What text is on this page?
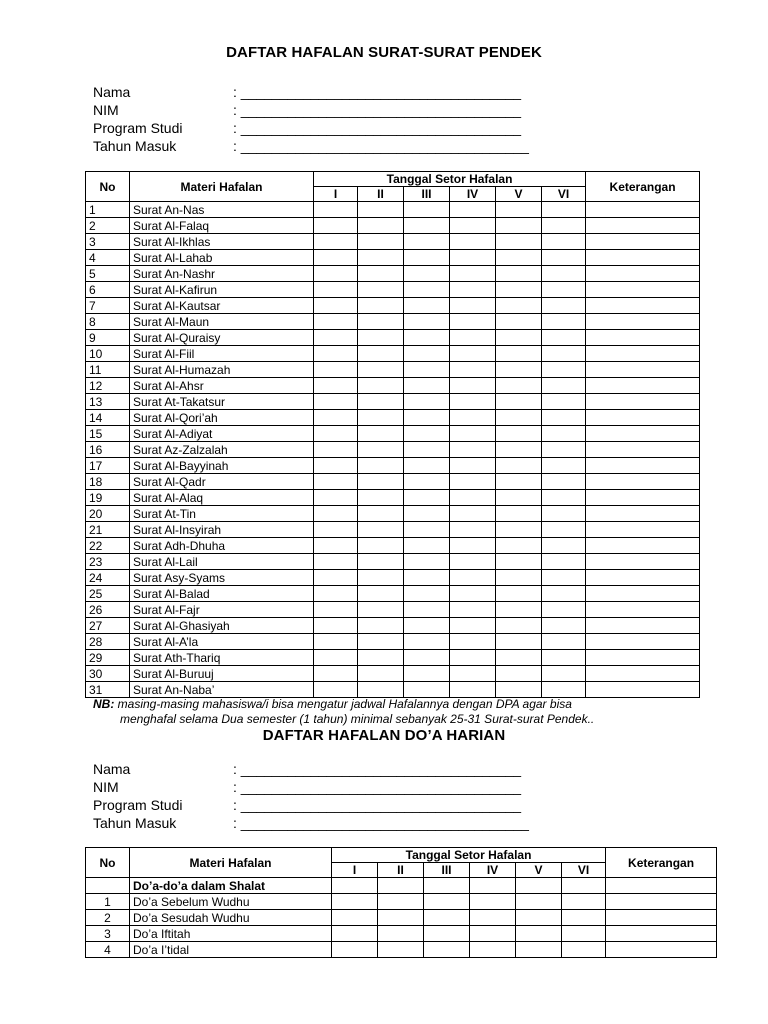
DAFTAR HAFALAN SURAT-SURAT PENDEK
Nama	: ____________________________________
NIM	: ____________________________________
Program Studi	: ____________________________________
Tahun Masuk	: _____________________________________
No	Materi Hafalan	Tanggal Setor Hafalan						Keterangan
		I	II	III	IV	V	VI	
1	Surat An-Nas							
2	Surat Al-Falaq							
3	Surat Al-Ikhlas							
4	Surat Al-Lahab							
5	Surat An-Nashr							
6	Surat Al-Kafirun							
7	Surat Al-Kautsar							
8	Surat Al-Maun							
9	Surat Al-Quraisy							
10	Surat Al-Fiil							
11	Surat Al-Humazah							
12	Surat Al-Ahsr							
13	Surat At-Takatsur							
14	Surat Al-Qori’ah							
15	Surat Al-Adiyat							
16	Surat Az-Zalzalah							
17	Surat Al-Bayyinah							
18	Surat Al-Qadr							
19	Surat Al-Alaq							
20	Surat At-Tin							
21	Surat Al-Insyirah							
22	Surat Adh-Dhuha							
23	Surat Al-Lail							
24	Surat Asy-Syams							
25	Surat Al-Balad							
26	Surat Al-Fajr							
27	Surat Al-Ghasiyah							
28	Surat Al-A’la							
29	Surat Ath-Thariq							
30	Surat Al-Buruuj							
31	Surat An-Naba’							
NB: masing-masing mahasiswa/i bisa mengatur jadwal Hafalannya dengan DPA agar bisa
menghafal selama Dua semester (1 tahun) minimal sebanyak 25-31 Surat-surat Pendek..
DAFTAR HAFALAN DO’A HARIAN
Nama	: ____________________________________
NIM	: ____________________________________
Program Studi	: ____________________________________
Tahun Masuk	: _____________________________________
No	Materi Hafalan	Tanggal Setor Hafalan						Keterangan
		I	II	III	IV	V	VI	
	Do’a-do’a dalam Shalat							
1	Do’a Sebelum Wudhu							
2	Do’a Sesudah Wudhu							
3	Do’a Iftitah							
4	Do’a I’tidal							
